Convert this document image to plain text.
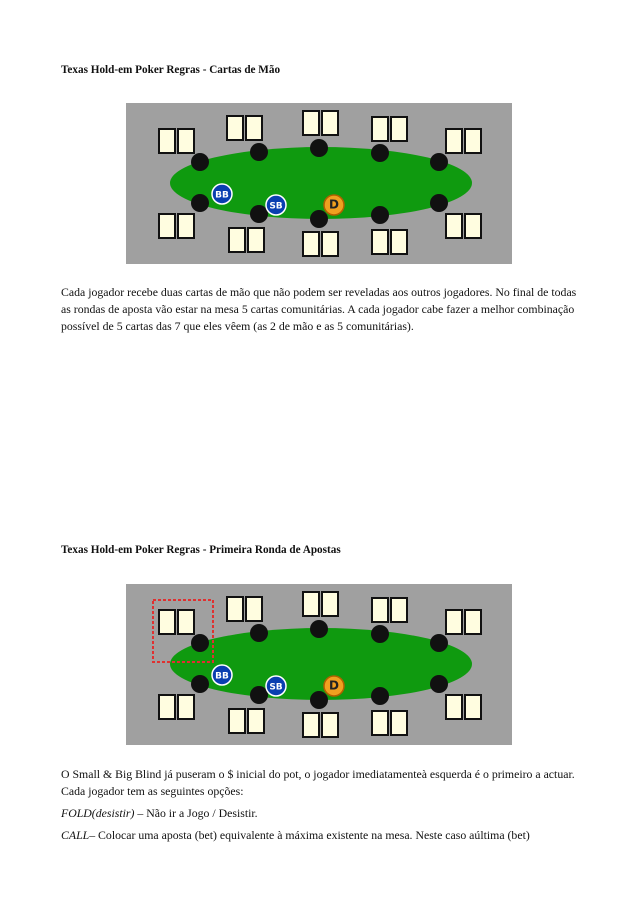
Texas Hold-em Poker Regras - Cartas de Mão
BB
SB	D

Cada jogador recebe duas cartas de mão que não podem ser reveladas aos outros jogadores. No final de todas as rondas de aposta vão estar na mesa 5 cartas comunitárias. A cada jogador cabe fazer a melhor combinação possível de 5 cartas das 7 que eles vêem (as 2 de mão e as 5 comunitárias).

Texas Hold-em Poker Regras - Primeira Ronda de Apostas
BB
SB	D

O Small & Big Blind já puseram o $ inicial do pot, o jogador imediatamenteà esquerda é o primeiro a actuar. Cada jogador tem as seguintes opções:

FOLD(desistir) – Não ir a Jogo / Desistir.

CALL– Colocar uma aposta (bet) equivalente à máxima existente na mesa. Neste caso aúltima (bet)
